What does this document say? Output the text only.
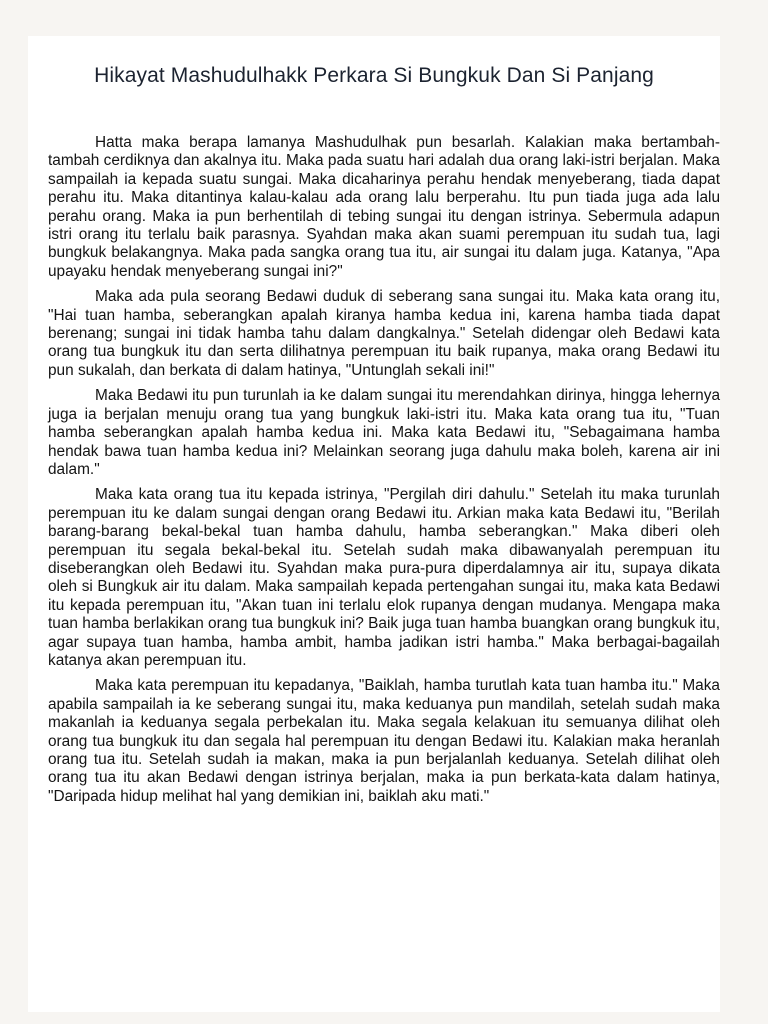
Hikayat Mashudulhakk Perkara Si Bungkuk Dan Si Panjang

Hatta maka berapa lamanya Mashudulhak pun besarlah. Kalakian maka bertambah-tambah cerdiknya dan akalnya itu. Maka pada suatu hari adalah dua orang laki-istri berjalan. Maka sampailah ia kepada suatu sungai. Maka dicaharinya perahu hendak menyeberang, tiada dapat perahu itu. Maka ditantinya kalau-kalau ada orang lalu berperahu. Itu pun tiada juga ada lalu perahu orang. Maka ia pun berhentilah di tebing sungai itu dengan istrinya. Sebermula adapun istri orang itu terlalu baik parasnya. Syahdan maka akan suami perempuan itu sudah tua, lagi bungkuk belakangnya. Maka pada sangka orang tua itu, air sungai itu dalam juga. Katanya, "Apa upayaku hendak menyeberang sungai ini?"

Maka ada pula seorang Bedawi duduk di seberang sana sungai itu. Maka kata orang itu, "Hai tuan hamba, seberangkan apalah kiranya hamba kedua ini, karena hamba tiada dapat berenang; sungai ini tidak hamba tahu dalam dangkalnya." Setelah didengar oleh Bedawi kata orang tua bungkuk itu dan serta dilihatnya perempuan itu baik rupanya, maka orang Bedawi itu pun sukalah, dan berkata di dalam hatinya, "Untunglah sekali ini!"

Maka Bedawi itu pun turunlah ia ke dalam sungai itu merendahkan dirinya, hingga lehernya juga ia berjalan menuju orang tua yang bungkuk laki-istri itu. Maka kata orang tua itu, "Tuan hamba seberangkan apalah hamba kedua ini. Maka kata Bedawi itu, "Sebagaimana hamba hendak bawa tuan hamba kedua ini? Melainkan seorang juga dahulu maka boleh, karena air ini dalam."

Maka kata orang tua itu kepada istrinya, "Pergilah diri dahulu." Setelah itu maka turunlah perempuan itu ke dalam sungai dengan orang Bedawi itu. Arkian maka kata Bedawi itu, "Berilah barang-barang bekal-bekal tuan hamba dahulu, hamba seberangkan." Maka diberi oleh perempuan itu segala bekal-bekal itu. Setelah sudah maka dibawanyalah perempuan itu diseberangkan oleh Bedawi itu. Syahdan maka pura-pura diperdalamnya air itu, supaya dikata oleh si Bungkuk air itu dalam. Maka sampailah kepada pertengahan sungai itu, maka kata Bedawi itu kepada perempuan itu, "Akan tuan ini terlalu elok rupanya dengan mudanya. Mengapa maka tuan hamba berlakikan orang tua bungkuk ini? Baik juga tuan hamba buangkan orang bungkuk itu, agar supaya tuan hamba, hamba ambit, hamba jadikan istri hamba." Maka berbagai-bagailah katanya akan perempuan itu.

Maka kata perempuan itu kepadanya, "Baiklah, hamba turutlah kata tuan hamba itu." Maka apabila sampailah ia ke seberang sungai itu, maka keduanya pun mandilah, setelah sudah maka makanlah ia keduanya segala perbekalan itu. Maka segala kelakuan itu semuanya dilihat oleh orang tua bungkuk itu dan segala hal perempuan itu dengan Bedawi itu. Kalakian maka heranlah orang tua itu. Setelah sudah ia makan, maka ia pun berjalanlah keduanya. Setelah dilihat oleh orang tua itu akan Bedawi dengan istrinya berjalan, maka ia pun berkata-kata dalam hatinya, "Daripada hidup melihat hal yang demikian ini, baiklah aku mati."
